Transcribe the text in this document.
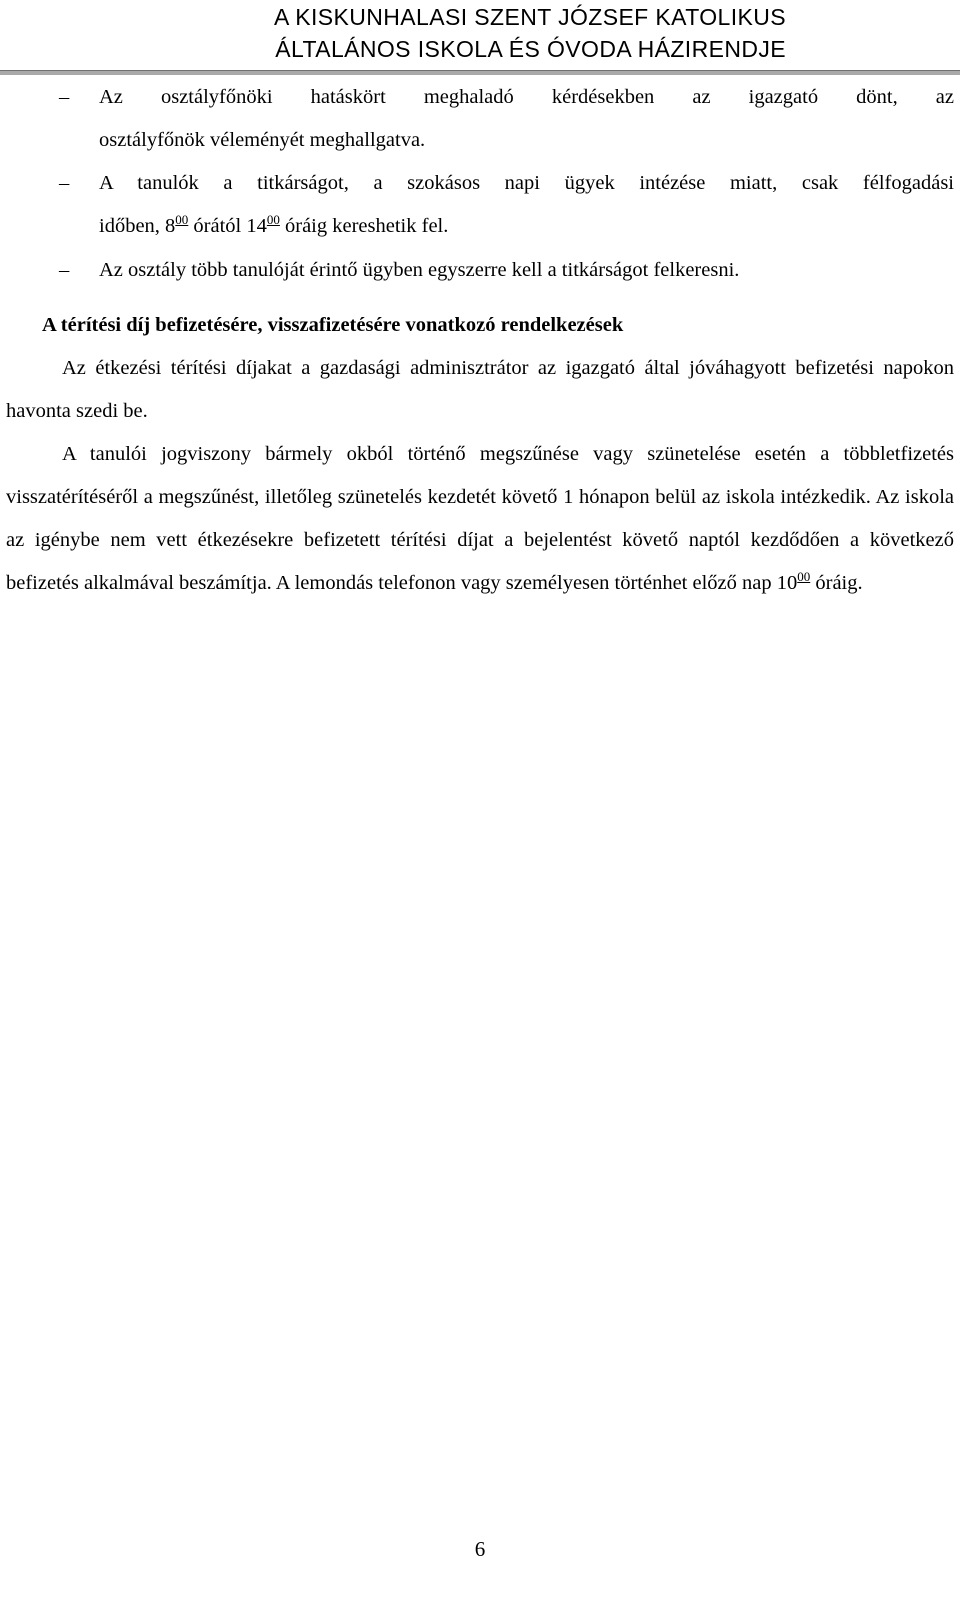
A KISKUNHALASI SZENT JÓZSEF KATOLIKUS
ÁLTALÁNOS ISKOLA ÉS ÓVODA HÁZIRENDJE
– Az osztályfőnöki hatáskört meghaladó kérdésekben az igazgató dönt, az
osztályfőnök véleményét meghallgatva.
– A tanulók a titkárságot, a szokásos napi ügyek intézése miatt, csak félfogadási
időben, $8^{00}$ órától $14^{00}$ óráig kereshetik fel.
– Az osztály több tanulóját érintő ügyben egyszerre kell a titkárságot felkeresni.
A térítési díj befizetésére, visszafizetésére vonatkozó rendelkezések

Az étkezési térítési díjakat a gazdasági adminisztrátor az igazgató által jóváhagyott befizetési napokon havonta szedi be.

A tanulói jogviszony bármely okból történő megszűnése vagy szünetelése esetén a többletfizetés visszatérítéséről a megszűnést, illetőleg szünetelés kezdetét követő 1 hónapon belül az iskola intézkedik. Az iskola az igénybe nem vett étkezésekre befizetett térítési díjat a bejelentést követő naptól kezdődően a következő befizetés alkalmával beszámítja. A lemondás telefonon vagy személyesen történhet előző nap $10^{00}$ óráig.

6
